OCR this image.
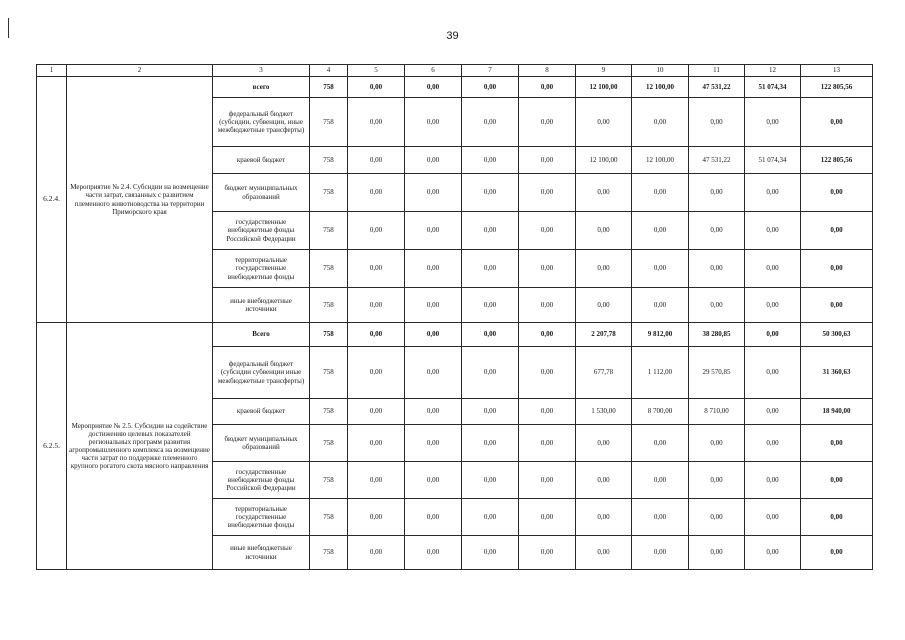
39
1	2	3	4	5	6	7	8	9	10	11	12	13
6.2.4.	Мероприятие № 2.4. Субсидии на возмещение части затрат, связанных с развитием племенного животноводства на территории Приморского края	всего	758	0,00	0,00	0,00	0,00	12 100,00	12 100,00	47 531,22	51 074,34	122 805,56
		федеральный бюджет (субсидии, субвенции, иные межбюджетные трансферты)	758	0,00	0,00	0,00	0,00	0,00	0,00	0,00	0,00	0,00
		краевой бюджет	758	0,00	0,00	0,00	0,00	12 100,00	12 100,00	47 531,22	51 074,34	122 805,56
		бюджет муниципальных образований	758	0,00	0,00	0,00	0,00	0,00	0,00	0,00	0,00	0,00
		государственные внебюджетные фонды Российской Федерации	758	0,00	0,00	0,00	0,00	0,00	0,00	0,00	0,00	0,00
		территориальные государственные внебюджетные фонды	758	0,00	0,00	0,00	0,00	0,00	0,00	0,00	0,00	0,00
		иные внебюджетные источники	758	0,00	0,00	0,00	0,00	0,00	0,00	0,00	0,00	0,00
6.2.5.	Мероприятие № 2.5. Субсидии на содействие достижению целевых показателей региональных программ развития агропромышленного комплекса на возмещение части затрат по поддержке племенного крупного рогатого скота мясного направления	Всего	758	0,00	0,00	0,00	0,00	2 207,78	9 812,00	38 280,85	0,00	50 300,63
		федеральный бюджет (субсидии субвенции иные межбюджетные трансферты)	758	0,00	0,00	0,00	0,00	677,78	1 112,00	29 570,85	0,00	31 360,63
		краевой бюджет	758	0,00	0,00	0,00	0,00	1 530,00	8 700,00	8 710,00	0,00	18 940,00
		бюджет муниципальных образований	758	0,00	0,00	0,00	0,00	0,00	0,00	0,00	0,00	0,00
		государственные внебюджетные фонды Российской Федерации	758	0,00	0,00	0,00	0,00	0,00	0,00	0,00	0,00	0,00
		территориальные государственные внебюджетные фонды	758	0,00	0,00	0,00	0,00	0,00	0,00	0,00	0,00	0,00
		иные внебюджетные источники	758	0,00	0,00	0,00	0,00	0,00	0,00	0,00	0,00	0,00
